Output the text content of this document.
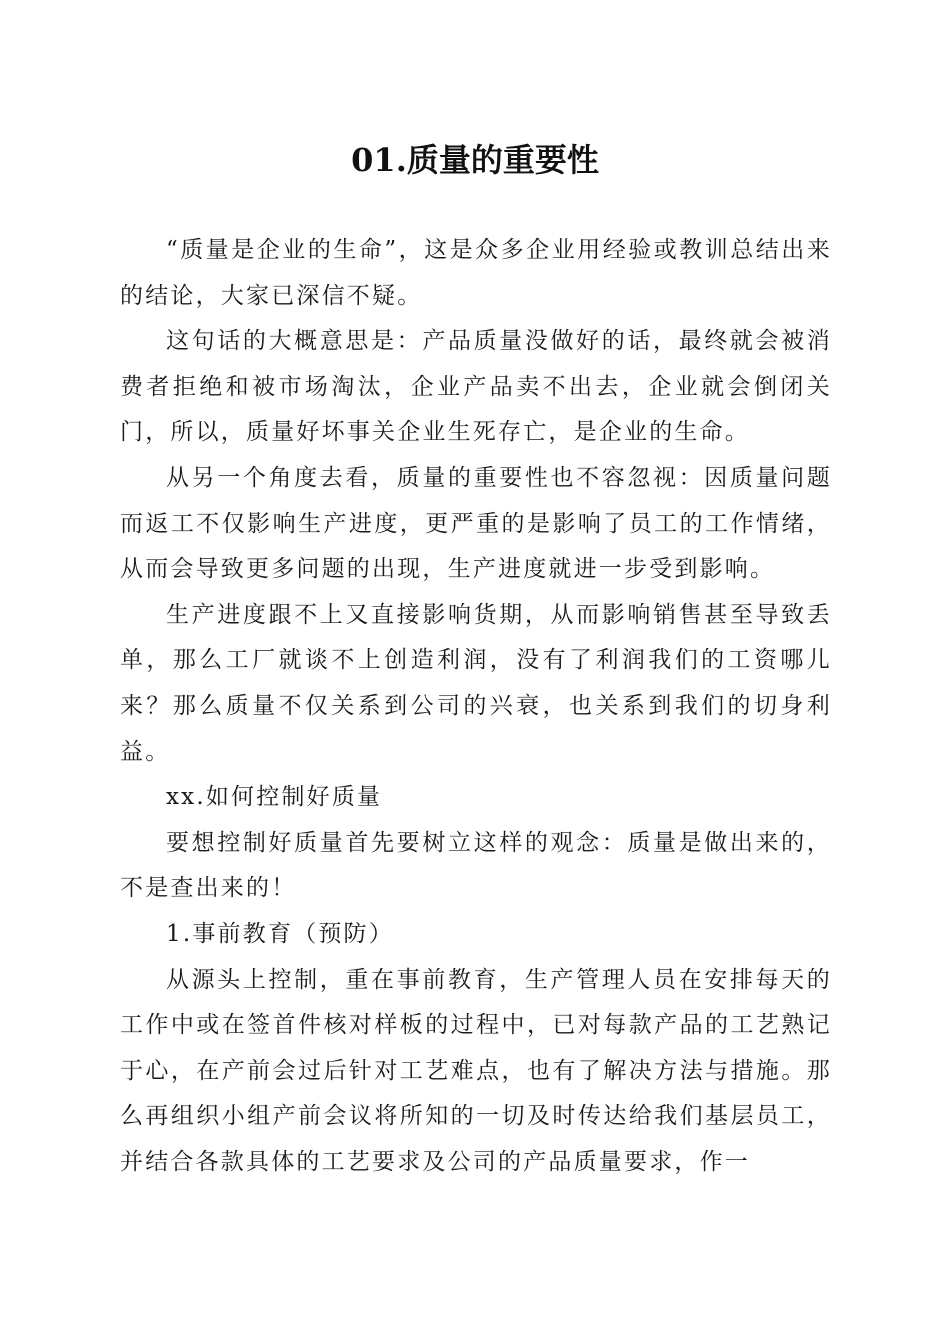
01.质量的重要性

“质量是企业的生命”，这是众多企业用经验或教训总结出来的结论，大家已深信不疑。

这句话的大概意思是：产品质量没做好的话，最终就会被消费者拒绝和被市场淘汰，企业产品卖不出去，企业就会倒闭关门，所以，质量好坏事关企业生死存亡，是企业的生命。

从另一个角度去看，质量的重要性也不容忽视：因质量问题而返工不仅影响生产进度，更严重的是影响了员工的工作情绪，从而会导致更多问题的出现，生产进度就进一步受到影响。

生产进度跟不上又直接影响货期，从而影响销售甚至导致丢单，那么工厂就谈不上创造利润，没有了利润我们的工资哪儿来？那么质量不仅关系到公司的兴衰，也关系到我们的切身利益。

xx.如何控制好质量

要想控制好质量首先要树立这样的观念：质量是做出来的，不是查出来的！

1.事前教育（预防）

从源头上控制，重在事前教育，生产管理人员在安排每天的工作中或在签首件核对样板的过程中，已对每款产品的工艺熟记于心，在产前会过后针对工艺难点，也有了解决方法与措施。那么再组织小组产前会议将所知的一切及时传达给我们基层员工，并结合各款具体的工艺要求及公司的产品质量要求，作一
